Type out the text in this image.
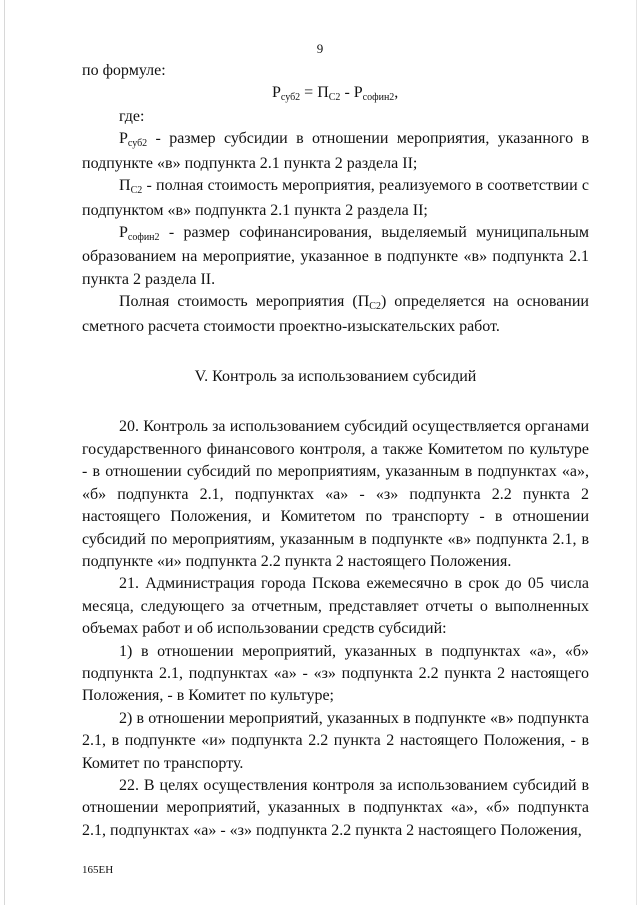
9
по формуле:
Рсуб2 = ПС2 - Рсофин2,

где:

Рсуб2 - размер субсидии в отношении мероприятия, указанного в подпункте «в» подпункта 2.1 пункта 2 раздела II;

ПС2 - полная стоимость мероприятия, реализуемого в соответствии с подпунктом «в» подпункта 2.1 пункта 2 раздела II;

Рсофин2 - размер софинансирования, выделяемый муниципальным образованием на мероприятие, указанное в подпункте «в» подпункта 2.1 пункта 2 раздела II.

Полная стоимость мероприятия (ПС2) определяется на основании сметного расчета стоимости проектно-изыскательских работ.

V. Контроль за использованием субсидий

20. Контроль за использованием субсидий осуществляется органами государственного финансового контроля, а также Комитетом по культуре - в отношении субсидий по мероприятиям, указанным в подпунктах «а», «б» подпункта 2.1, подпунктах «а» - «з» подпункта 2.2 пункта 2 настоящего Положения, и Комитетом по транспорту - в отношении субсидий по мероприятиям, указанным в подпункте «в» подпункта 2.1, в подпункте «и» подпункта 2.2 пункта 2 настоящего Положения.

21. Администрация города Пскова ежемесячно в срок до 05 числа месяца, следующего за отчетным, представляет отчеты о выполненных объемах работ и об использовании средств субсидий:

1) в отношении мероприятий, указанных в подпунктах «а», «б» подпункта 2.1, подпунктах «а» - «з» подпункта 2.2 пункта 2 настоящего Положения, - в Комитет по культуре;

2) в отношении мероприятий, указанных в подпункте «в» подпункта 2.1, в подпункте «и» подпункта 2.2 пункта 2 настоящего Положения, - в Комитет по транспорту.

22. В целях осуществления контроля за использованием субсидий в отношении мероприятий, указанных в подпунктах «а», «б» подпункта 2.1, подпунктах «а» - «з» подпункта 2.2 пункта 2 настоящего Положения,

165ЕН
